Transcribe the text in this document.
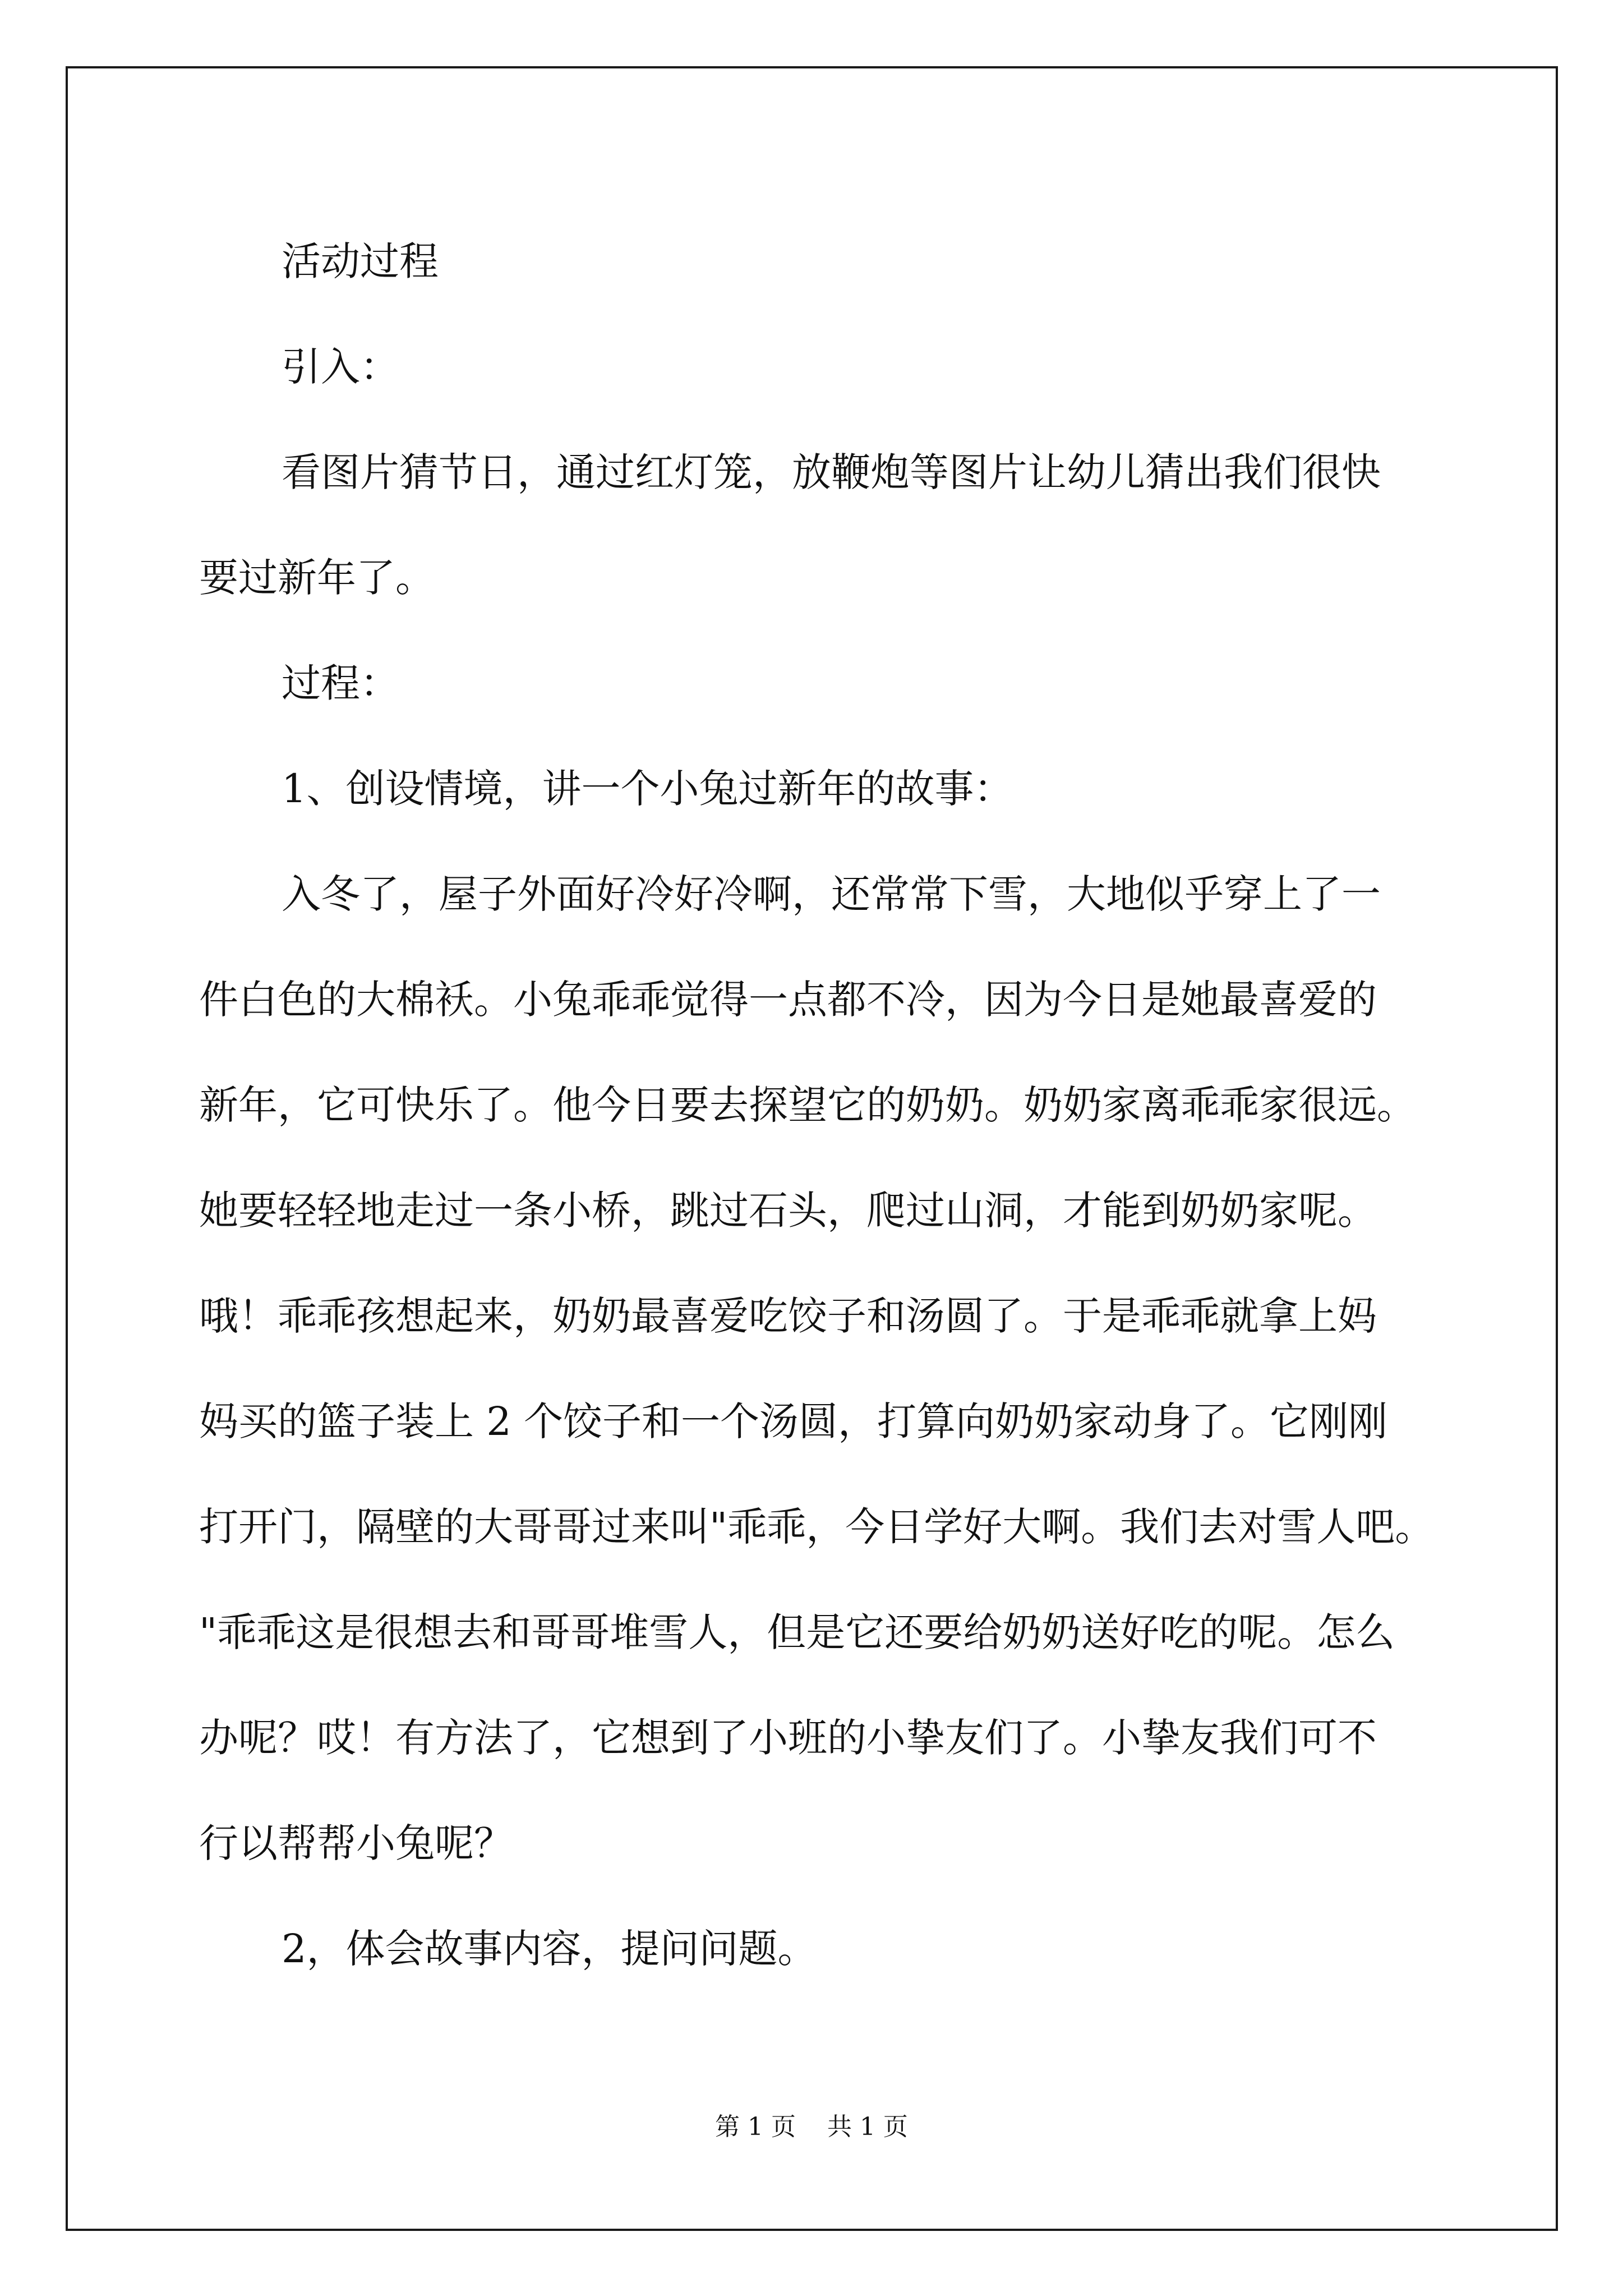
活动过程
引入：
看图片猜节日，通过红灯笼，放鞭炮等图片让幼儿猜出我们很快
要过新年了。
过程：
1、创设情境，讲一个小兔过新年的故事：
入冬了，屋子外面好冷好冷啊，还常常下雪，大地似乎穿上了一
件白色的大棉袄。小兔乖乖觉得一点都不冷，因为今日是她最喜爱的
新年，它可快乐了。他今日要去探望它的奶奶。奶奶家离乖乖家很远。
她要轻轻地走过一条小桥，跳过石头，爬过山洞，才能到奶奶家呢。
哦！乖乖孩想起来，奶奶最喜爱吃饺子和汤圆了。于是乖乖就拿上妈
妈买的篮子装上 2 个饺子和一个汤圆，打算向奶奶家动身了。它刚刚
打开门，隔壁的大哥哥过来叫"乖乖，今日学好大啊。我们去对雪人吧。
"乖乖这是很想去和哥哥堆雪人，但是它还要给奶奶送好吃的呢。怎么
办呢？哎！有方法了，它想到了小班的小挚友们了。小挚友我们可不
行以帮帮小兔呢？
2，体会故事内容，提问问题。
第 1 页    共 1 页
